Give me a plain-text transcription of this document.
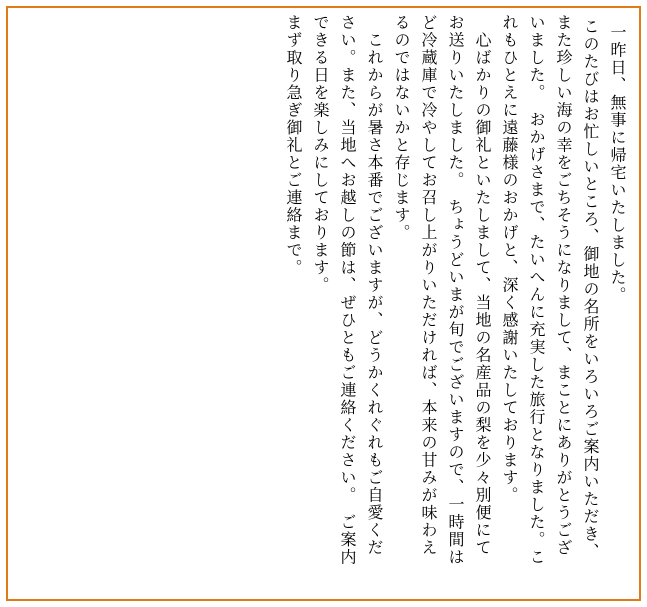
一昨日、無事に帰宅いたしました。
このたびはお忙しいところ、御地の名所をいろいろご案内いただき、
また珍しい海の幸をごちそうになりまして、まことにありがとうござ
いました。　おかげさまで、たいへんに充実した旅行となりました。こ
れもひとえに遠藤様のおかげと、深く感謝いたしております。
　心ばかりの御礼といたしまして、当地の名産品の梨を少々別便にて
お送りいたしました。　ちょうどいまが旬でございますので、一時間は
ど冷蔵庫で冷やしてお召し上がりいただければ、本来の甘みが味わえ
るのではないかと存じます。
　これからが暑さ本番でございますが、どうかくれぐれもご自愛くだ
さい。また、当地へお越しの節は、ぜひともご連絡ください。　ご案内
できる日を楽しみにしております。
まず取り急ぎ御礼とご連絡まで。
